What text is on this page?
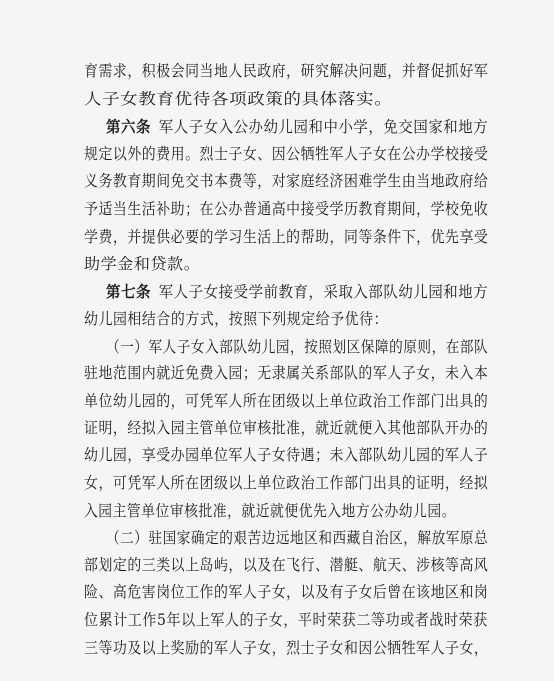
育需求，积极会同当地人民政府，研究解决问题，并督促抓好军
人子女教育优待各项政策的具体落实。
第六条  军人子女入公办幼儿园和中小学，免交国家和地方
规定以外的费用。烈士子女、因公牺牲军人子女在公办学校接受
义务教育期间免交书本费等，对家庭经济困难学生由当地政府给
予适当生活补助；在公办普通高中接受学历教育期间，学校免收
学费，并提供必要的学习生活上的帮助，同等条件下，优先享受
助学金和贷款。
第七条  军人子女接受学前教育，采取入部队幼儿园和地方
幼儿园相结合的方式，按照下列规定给予优待：
（一）军人子女入部队幼儿园，按照划区保障的原则，在部队
驻地范围内就近免费入园；无隶属关系部队的军人子女，未入本
单位幼儿园的，可凭军人所在团级以上单位政治工作部门出具的
证明，经拟入园主管单位审核批准，就近就便入其他部队开办的
幼儿园，享受办园单位军人子女待遇；未入部队幼儿园的军人子
女，可凭军人所在团级以上单位政治工作部门出具的证明，经拟
入园主管单位审核批准，就近就便优先入地方公办幼儿园。
（二）驻国家确定的艰苦边远地区和西藏自治区，解放军原总
部划定的三类以上岛屿，以及在飞行、潜艇、航天、涉核等高风
险、高危害岗位工作的军人子女，以及有子女后曾在该地区和岗
位累计工作5年以上军人的子女，平时荣获二等功或者战时荣获
三等功及以上奖励的军人子女，烈士子女和因公牺牲军人子女，
